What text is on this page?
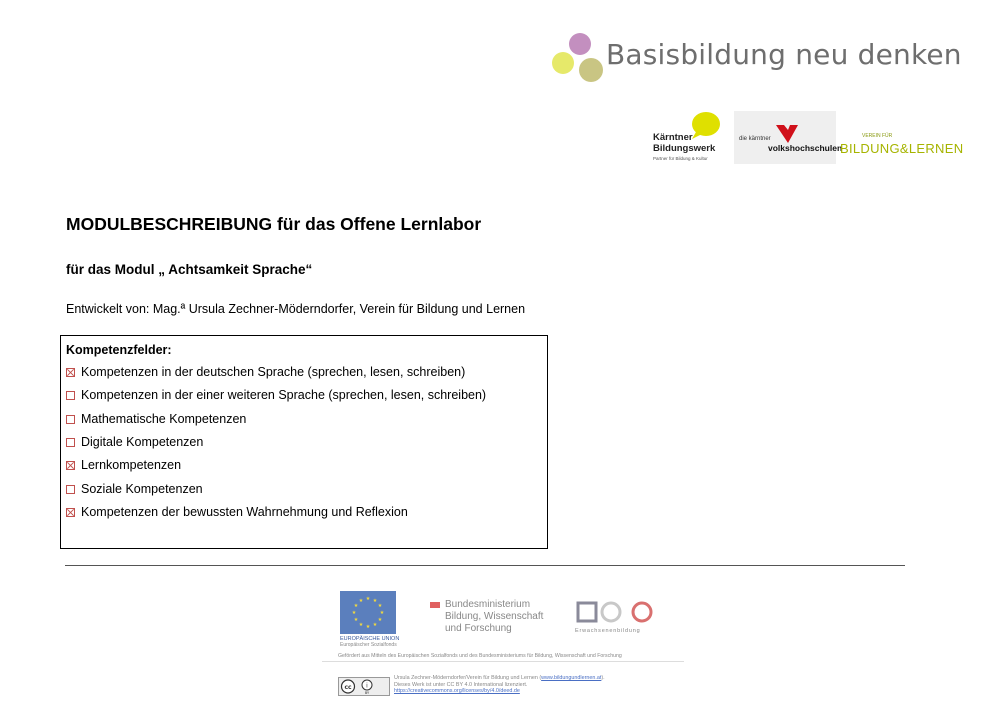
Basisbildung neu denken
Kärntner
Bildungswerk
Partner für Bildung & Kultur
die kärntner
volkshochschulen
VEREIN FÜR
BILDUNG&LERNEN
MODULBESCHREIBUNG für das Offene Lernlabor
für das Modul „ Achtsamkeit Sprache“
Entwickelt von: Mag.ª Ursula Zechner-Möderndorfer, Verein für Bildung und Lernen
Kompetenzfelder:
Kompetenzen in der deutschen Sprache (sprechen, lesen, schreiben)
Kompetenzen in der einer weiteren Sprache (sprechen, lesen, schreiben)
Mathematische Kompetenzen
Digitale Kompetenzen
Lernkompetenzen
Soziale Kompetenzen
Kompetenzen der bewussten Wahrnehmung und Reflexion
★ ★
★
★
★
★
★
★
★
★
★
★
EUROPÄISCHE UNION
Europäischer Sozialfonds
Bundesministerium
Bildung, Wissenschaft
und Forschung	Erwachsenenbildung
Gefördert aus Mitteln des Europäischen Sozialfonds und des Bundesministeriums für Bildung, Wissenschaft und Forschung
cc i
BY
Ursula Zechner-Möderndorfer/Verein für Bildung und Lernen (www.bildungundlernen.at).
Dieses Werk ist unter CC BY 4.0 International lizenziert.
https://creativecommons.org/licenses/by/4.0/deed.de
